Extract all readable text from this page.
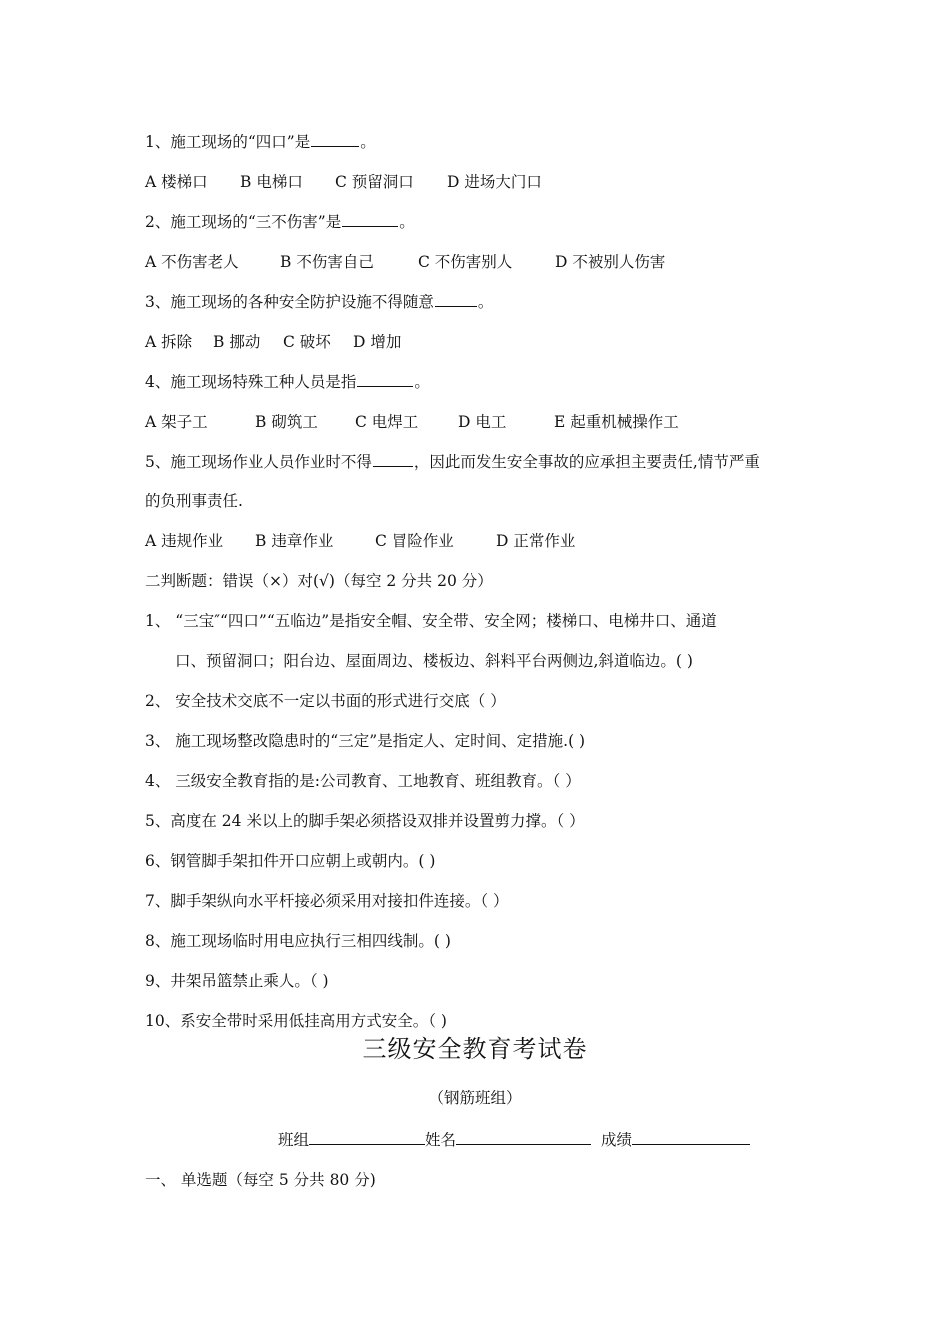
1、施工现场的“四口”是	。
A 楼梯口 B 电梯口 C 预留洞口 D 进场大门口
2、施工现场的“三不伤害”是	。
A 不伤害老人	B 不伤害自己	C 不伤害别人	D 不被别人伤害
3、施工现场的各种安全防护设施不得随意	。
A 拆除 B 挪动 C 破坏 D 增加
4、施工现场特殊工种人员是指	。
A 架子工	B 砌筑工 C 电焊工	D 电工	E 起重机械操作工
5、施工现场作业人员作业时不得	，因此而发生安全事故的应承担主要责任,情节严重
的负刑事责任.
A 违规作业 B 违章作业	C 冒险作业	D 正常作业
二判断题：错误（×）对(√)（每空 2 分共 20 分）
1、 “三宝″“四口”“五临边”是指安全帽、安全带、安全网；楼梯口、电梯井口、通道
口、预留洞口；阳台边、屋面周边、楼板边、斜料平台两侧边,斜道临边。( )
2、 安全技术交底不一定以书面的形式进行交底（ ）
3、 施工现场整改隐患时的“三定”是指定人、定时间、定措施.( )
4、 三级安全教育指的是:公司教育、工地教育、班组教育。（ ）
5、高度在 24 米以上的脚手架必须搭设双排并设置剪力撑。（ ）
6、钢管脚手架扣件开口应朝上或朝内。( )
7、脚手架纵向水平杆接必须采用对接扣件连接。（ ）
8、施工现场临时用电应执行三相四线制。( )
9、井架吊篮禁止乘人。（ )
10、系安全带时采用低挂高用方式安全。（ )
三级安全教育考试卷
（钢筋班组）
班组	姓名	成绩
一、 单选题（每空 5 分共 80 分)
